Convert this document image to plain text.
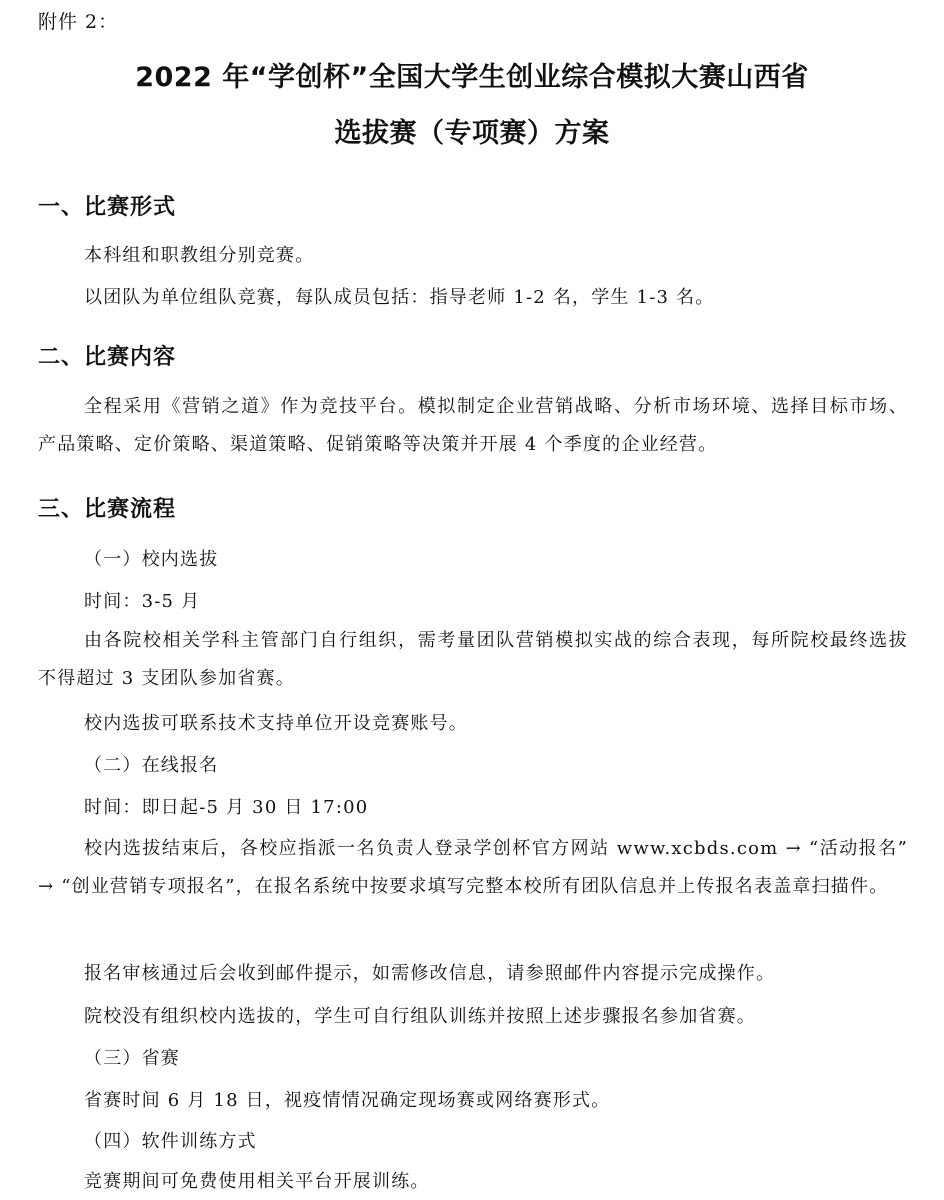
附件 2：
2022 年“学创杯”全国大学生创业综合模拟大赛山西省
选拔赛（专项赛）方案
一、比赛形式
本科组和职教组分别竞赛。
以团队为单位组队竞赛，每队成员包括：指导老师 1-2 名，学生 1-3 名。
二、比赛内容

全程采用《营销之道》作为竞技平台。模拟制定企业营销战略、分析市场环境、选择目标市场、产品策略、定价策略、渠道策略、促销策略等决策并开展 4 个季度的企业经营。

三、比赛流程
（一）校内选拔
时间：3-5 月

由各院校相关学科主管部门自行组织，需考量团队营销模拟实战的综合表现，每所院校最终选拔不得超过 3 支团队参加省赛。

校内选拔可联系技术支持单位开设竞赛账号。
（二）在线报名
时间：即日起-5 月 30 日 17:00

校内选拔结束后，各校应指派一名负责人登录学创杯官方网站 www.xcbds.com → “活动报名” → “创业营销专项报名”，在报名系统中按要求填写完整本校所有团队信息并上传报名表盖章扫描件。

报名审核通过后会收到邮件提示，如需修改信息，请参照邮件内容提示完成操作。
院校没有组织校内选拔的，学生可自行组队训练并按照上述步骤报名参加省赛。
（三）省赛
省赛时间 6 月 18 日，视疫情情况确定现场赛或网络赛形式。
（四）软件训练方式
竞赛期间可免费使用相关平台开展训练。
